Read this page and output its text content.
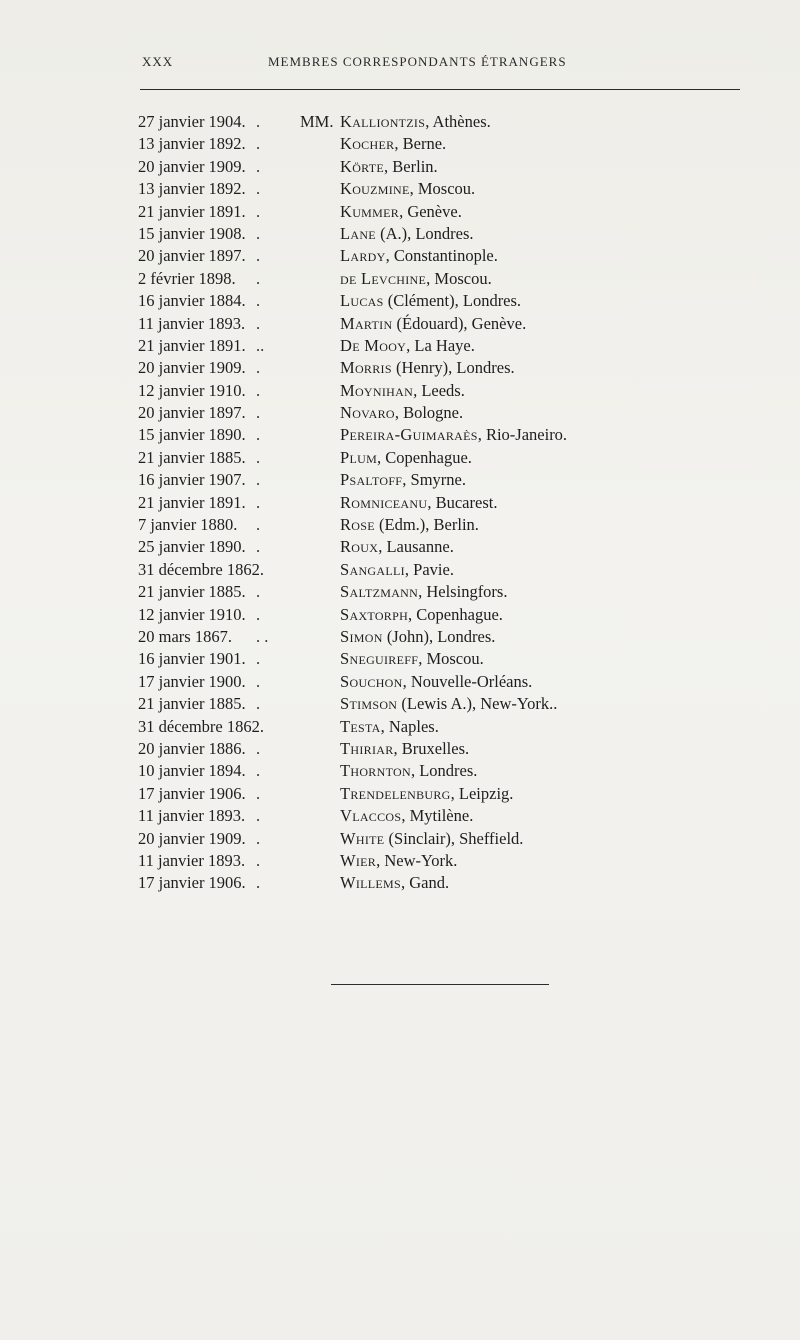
XXX	MEMBRES CORRESPONDANTS ÉTRANGERS
27 janvier 1904. . MM. Kalliontzis, Athènes.
13 janvier 1892. .	Kocher, Berne.
20 janvier 1909. .	Körte, Berlin.
13 janvier 1892. .	Kouzmine, Moscou.
21 janvier 1891. .	Kummer, Genève.
15 janvier 1908. .	Lane (A.), Londres.
20 janvier 1897. .	Lardy, Constantinople.
2 février 1898.	.	de Levchine, Moscou.
16 janvier 1884. .	Lucas (Clément), Londres.
11 janvier 1893. .	Martin (Édouard), Genève.
21 janvier 1891. ..	De Mooy, La Haye.
20 janvier 1909. .	Morris (Henry), Londres.
12 janvier 1910. .	Moynihan, Leeds.
20 janvier 1897. .	Novaro, Bologne.
15 janvier 1890. .	Pereira-Guimaraès, Rio-Janeiro.
21 janvier 1885. .	Plum, Copenhague.
16 janvier 1907. .	Psaltoff, Smyrne.
21 janvier 1891. .	Romniceanu, Bucarest.
7 janvier 1880.	.	Rose (Edm.), Berlin.
25 janvier 1890. .	Roux, Lausanne.
31 décembre 1862.	Sangalli, Pavie.
21 janvier 1885. .	Saltzmann, Helsingfors.
12 janvier 1910. .	Saxtorph, Copenhague.
20 mars 1867.	. .	Simon (John), Londres.
16 janvier 1901. .	Sneguireff, Moscou.
17 janvier 1900. .	Souchon, Nouvelle-Orléans.
21 janvier 1885. .	Stimson (Lewis A.), New-York..
31 décembre 1862.	Testa, Naples.
20 janvier 1886. .	Thiriar, Bruxelles.
10 janvier 1894. .	Thornton, Londres.
17 janvier 1906. .	Trendelenburg, Leipzig.
11 janvier 1893. .	Vlaccos, Mytilène.
20 janvier 1909. .	White (Sinclair), Sheffield.
11 janvier 1893. .	Wier, New-York.
17 janvier 1906. .	Willems, Gand.
